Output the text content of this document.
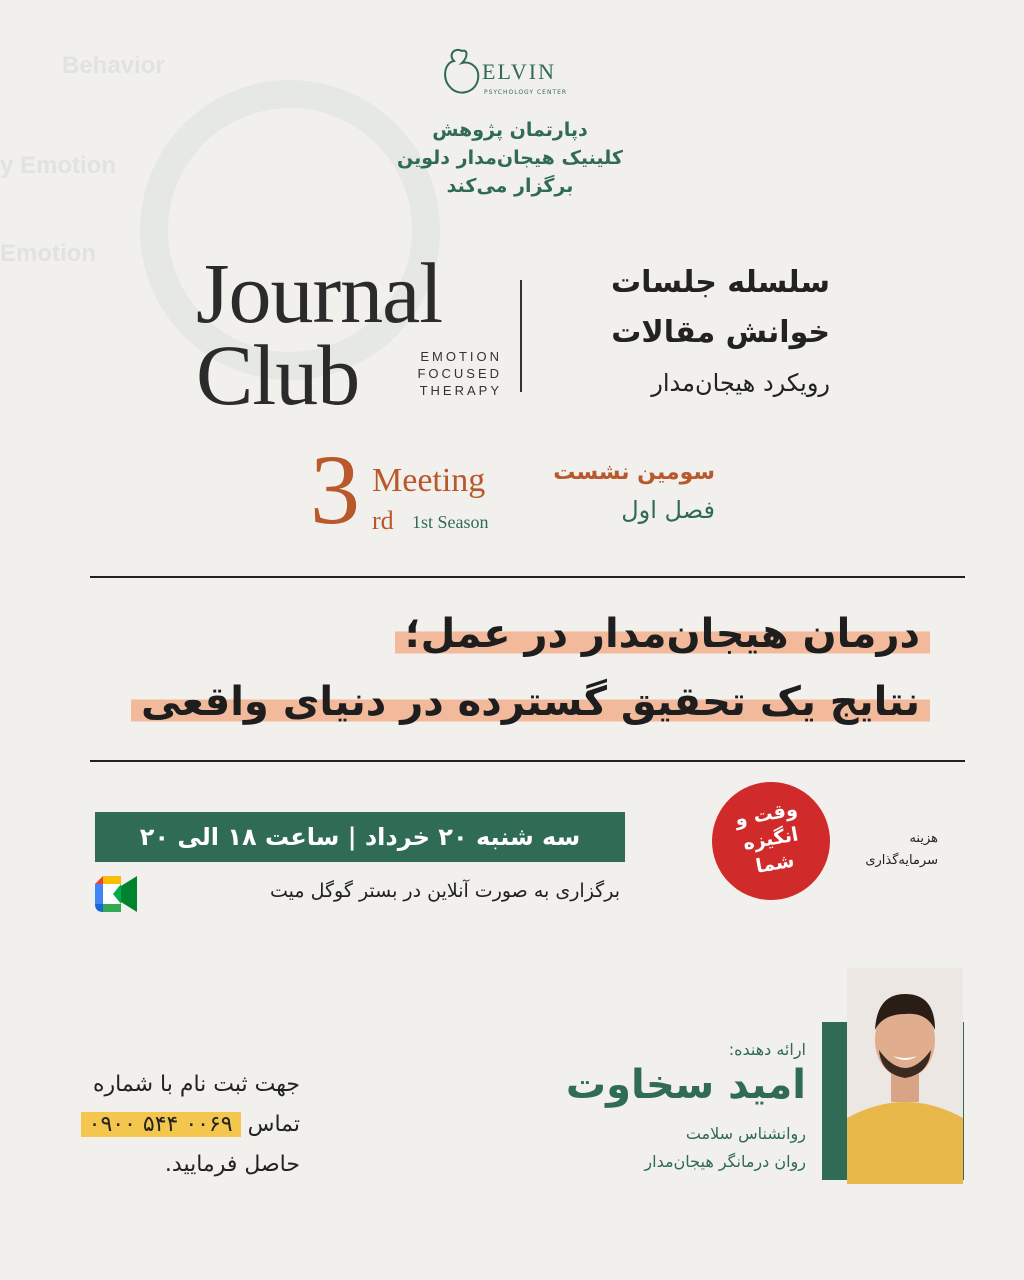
Behavior
y Emotion
Emotion
ELVIN
PSYCHOLOGY CENTER
دپارتمان پژوهش
کلینیک هیجان‌مدار دلوین
برگزار می‌کند
Journal
Club	EMOTION
FOCUSED
THERAPY
سلسله جلسات
خوانش مقالات
رویکرد هیجان‌مدار
3 Meeting
rd 1st Season
سومین نشست
فصل اول
درمان هیجان‌مدار در عمل؛
نتایج یک تحقیق گسترده در دنیای واقعی
سه شنبه ۲۰ خرداد | ساعت ۱۸ الی ۲۰
برگزاری به صورت آنلاین در بستر گوگل میت
وقت و
انگیزه
شما
هزینه
سرمایه‌گذاری
ارائه دهنده:
امید سخاوت
روانشناس سلامت
روان درمانگر هیجان‌مدار
جهت ثبت نام با شماره
۰۹۰۰ ۵۴۴ ۰۰۶۹ تماس
حاصل فرمایید.
